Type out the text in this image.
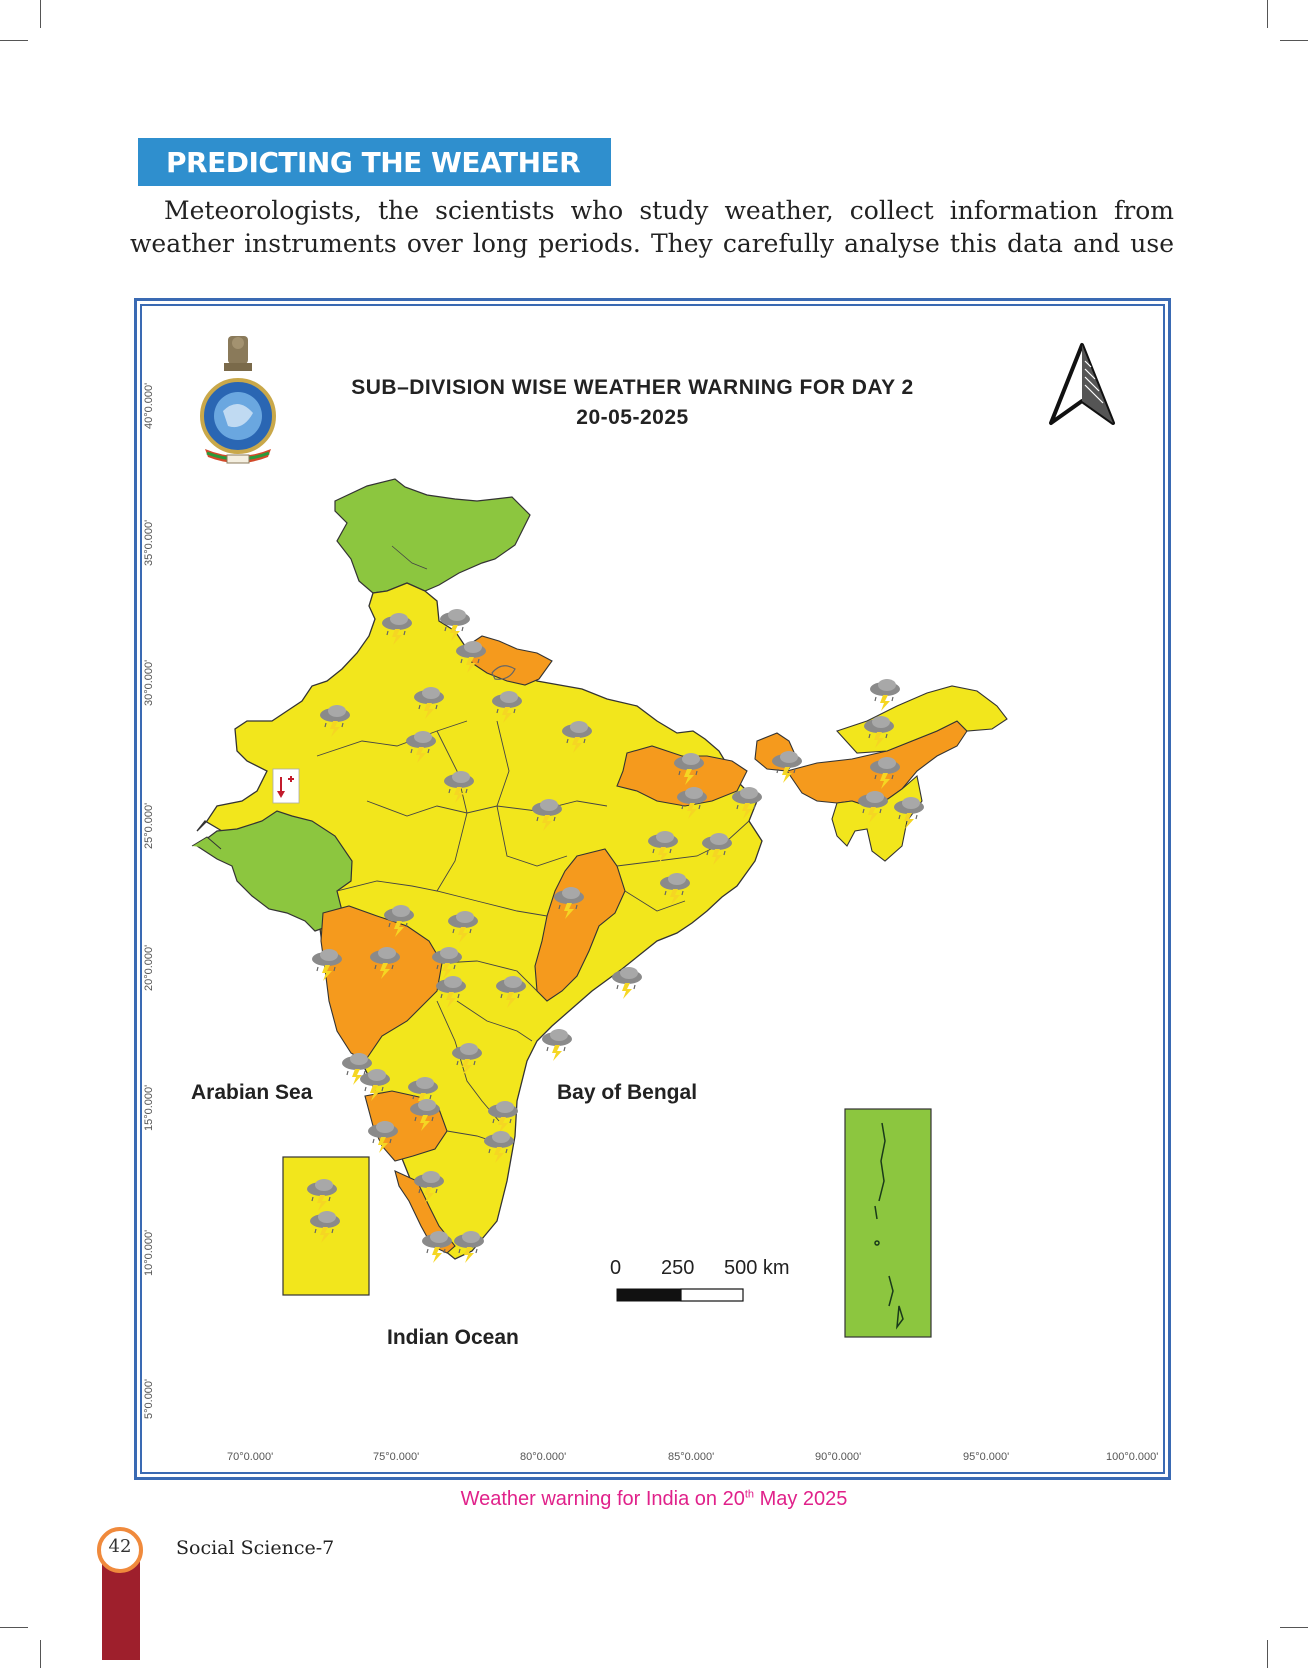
PREDICTING THE WEATHER
Meteorologists, the scientists who study weather, collect information from
weather instruments over long periods. They carefully analyse this data and use
SUB–DIVISION WISE WEATHER WARNING FOR DAY 2
20-05-2025
40°0.000'
35°0.000'
30°0.000'
25°0.000'
20°0.000'
15°0.000'
10°0.000'
5°0.000'
70°0.000'	75°0.000'	80°0.000'	85°0.000'	90°0.000'	95°0.000'	100°0.000'
Arabian Sea	Bay of Bengal
Indian Ocean
0 250 500 km
Weather warning for India on 20th May 2025
42	Social Science-7
